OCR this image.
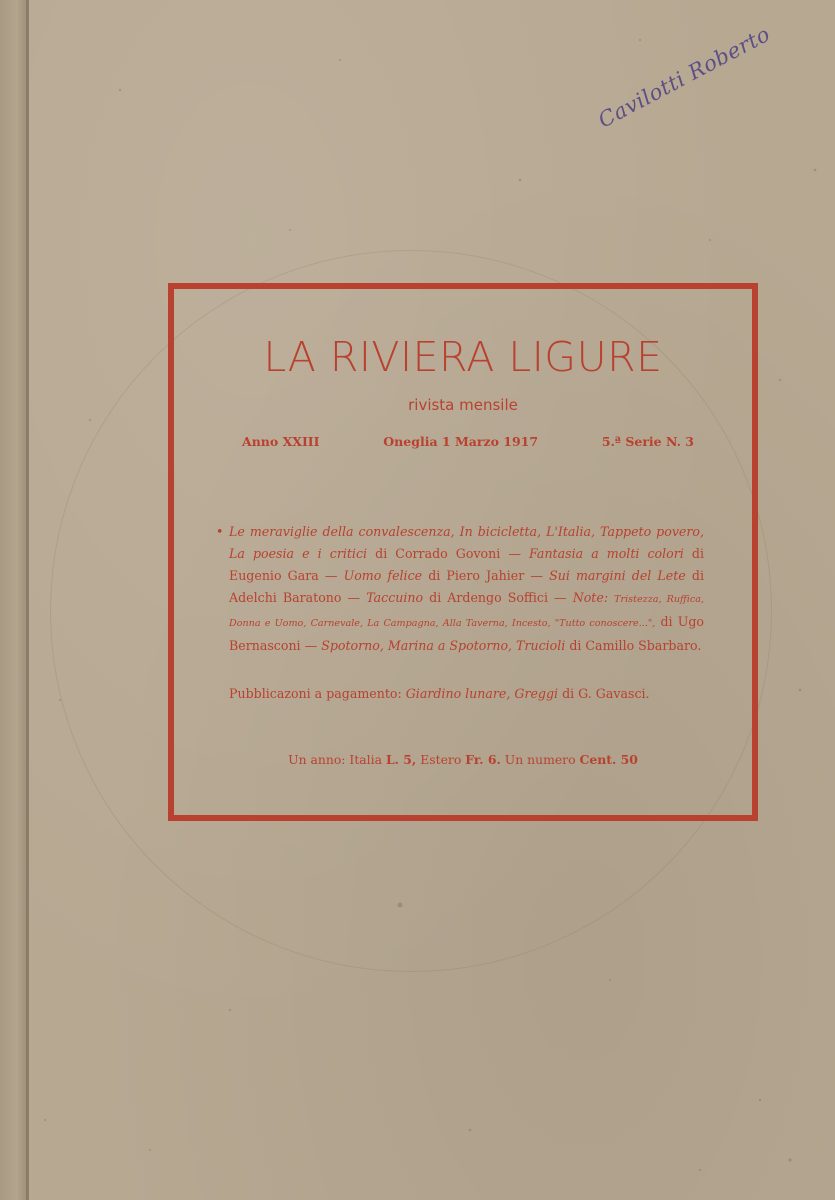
Cavilotti Roberto
LA RIVIERA LIGURE
rivista mensile
Anno XXIII	Oneglia 1 Marzo 1917	5.ª Serie N. 3
• Le meraviglie della convalescenza, In bicicletta, L'Italia, Tappeto povero, La poesia e i critici di Corrado Govoni — Fantasia a molti colori di Eugenio Gara — Uomo felice di Piero Jahier — Sui margini del Lete di Adelchi Baratono — Taccuino di Ardengo Soffici — Note: Tristezza, Ruffica, Donna e Uomo, Carnevale, La Campagna, Alla Taverna, Incesto, "Tutto conoscere...", di Ugo Bernasconi — Spotorno, Marina a Spotorno, Trucioli di Camillo Sbarbaro.
Pubblicazoni a pagamento: Giardino lunare, Greggi di G. Gavasci.
Un anno: Italia L. 5, Estero Fr. 6. Un numero Cent. 50
